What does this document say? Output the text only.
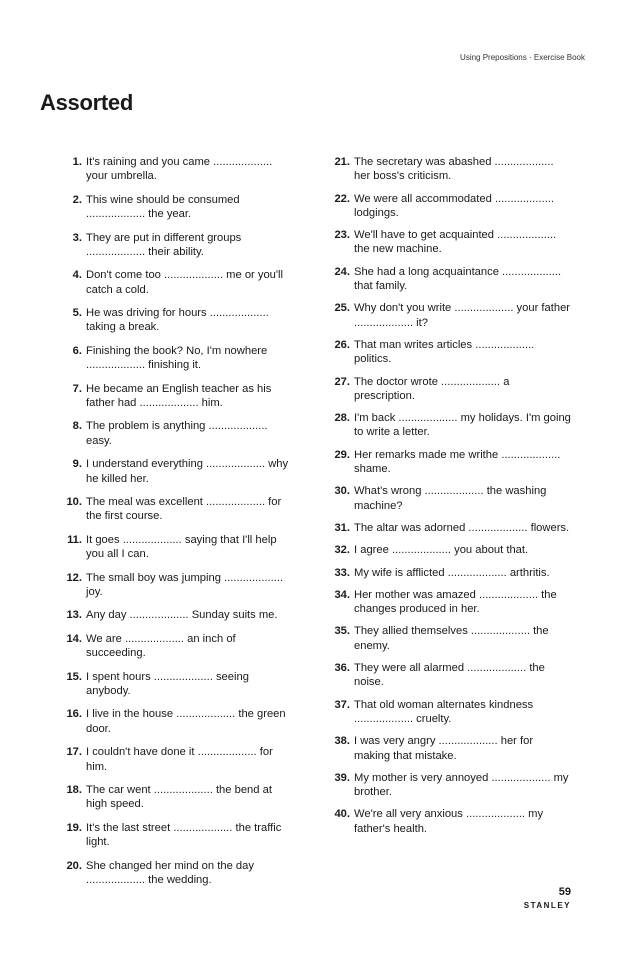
Using Prepositions · Exercise Book
Assorted
1. It's raining and you came ................... your umbrella.
2. This wine should be consumed ................... the year.
3. They are put in different groups ................... their ability.
4. Don't come too ................... me or you'll catch a cold.
5. He was driving for hours ................... taking a break.
6. Finishing the book? No, I'm nowhere ................... finishing it.
7. He became an English teacher as his father had ................... him.
8. The problem is anything ................... easy.
9. I understand everything ................... why he killed her.
10. The meal was excellent ................... for the first course.
11. It goes ................... saying that I'll help you all I can.
12. The small boy was jumping ................... joy.
13. Any day ................... Sunday suits me.
14. We are ................... an inch of succeeding.
15. I spent hours ................... seeing anybody.
16. I live in the house ................... the green door.
17. I couldn't have done it ................... for him.
18. The car went ................... the bend at high speed.
19. It's the last street ................... the traffic light.
20. She changed her mind on the day ................... the wedding.
21. The secretary was abashed ................... her boss's criticism.
22. We were all accommodated ................... lodgings.
23. We'll have to get acquainted ................... the new machine.
24. She had a long acquaintance ................... that family.
25. Why don't you write ................... your father ................... it?
26. That man writes articles ................... politics.
27. The doctor wrote ................... a prescription.
28. I'm back ................... my holidays. I'm going to write a letter.
29. Her remarks made me writhe ................... shame.
30. What's wrong ................... the washing machine?
31. The altar was adorned ................... flowers.
32. I agree ................... you about that.
33. My wife is afflicted ................... arthritis.
34. Her mother was amazed ................... the changes produced in her.
35. They allied themselves ................... the enemy.
36. They were all alarmed ................... the noise.
37. That old woman alternates kindness ................... cruelty.
38. I was very angry ................... her for making that mistake.
39. My mother is very annoyed ................... my brother.
40. We're all very anxious ................... my father's health.
59
STANLEY
